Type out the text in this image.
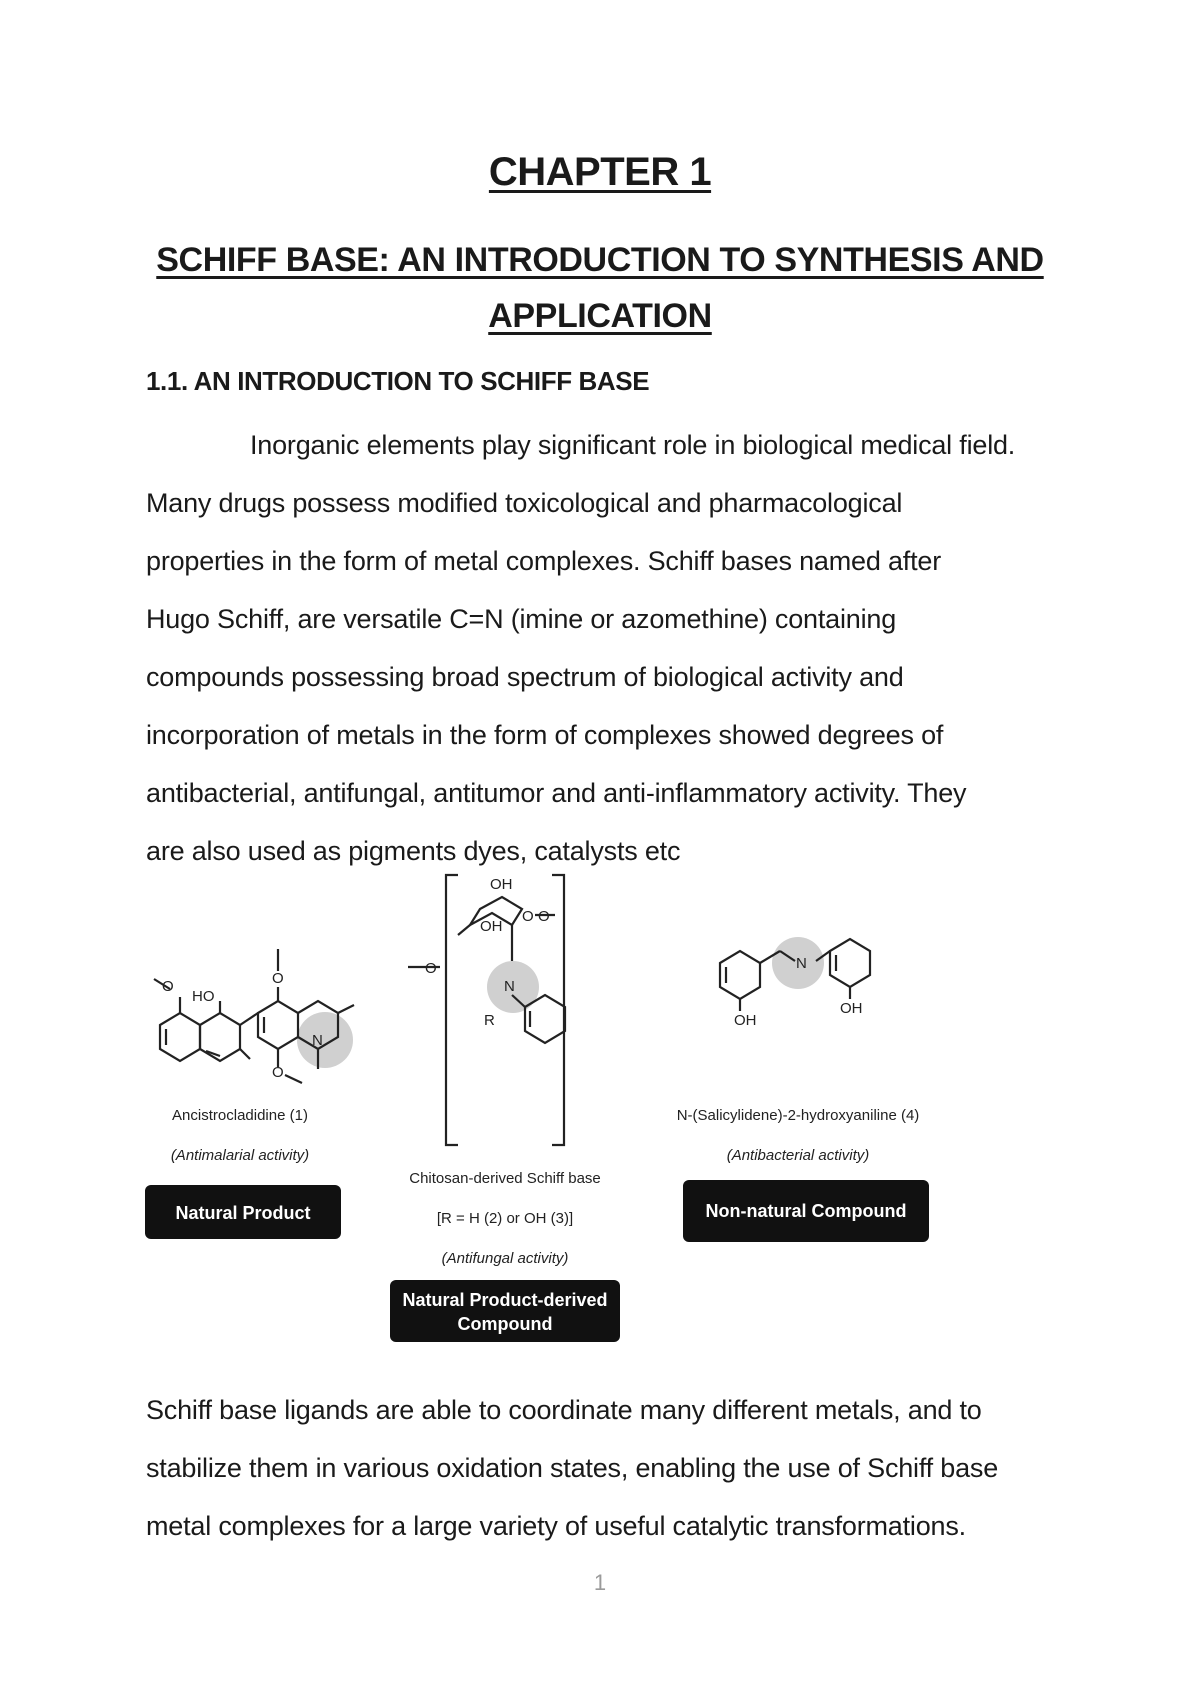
CHAPTER 1
SCHIFF BASE: AN INTRODUCTION TO SYNTHESIS AND
APPLICATION
1.1. AN INTRODUCTION TO SCHIFF BASE
Inorganic elements play significant role in biological medical field.
Many drugs possess modified toxicological and pharmacological
properties in the form of metal complexes. Schiff bases named after
Hugo Schiff, are versatile C=N (imine or azomethine) containing
compounds possessing broad spectrum of biological activity and
incorporation of metals in the form of complexes showed degrees of
antibacterial, antifungal, antitumor and anti-inflammatory activity. They
are also used as pigments dyes, catalysts etc
O
HO
O
N
O
OH
OH
O O
O
N
R
N
OH
OH
Ancistrocladidine (1)
(Antimalarial activity)
Chitosan-derived Schiff base
[R = H (2) or OH (3)]
(Antifungal activity)
N-(Salicylidene)-2-hydroxyaniline (4)
(Antibacterial activity)
Natural Product
Natural Product-derived
Compound
Non-natural Compound
Schiff base ligands are able to coordinate many different metals, and to
stabilize them in various oxidation states, enabling the use of Schiff base
metal complexes for a large variety of useful catalytic transformations.
1
